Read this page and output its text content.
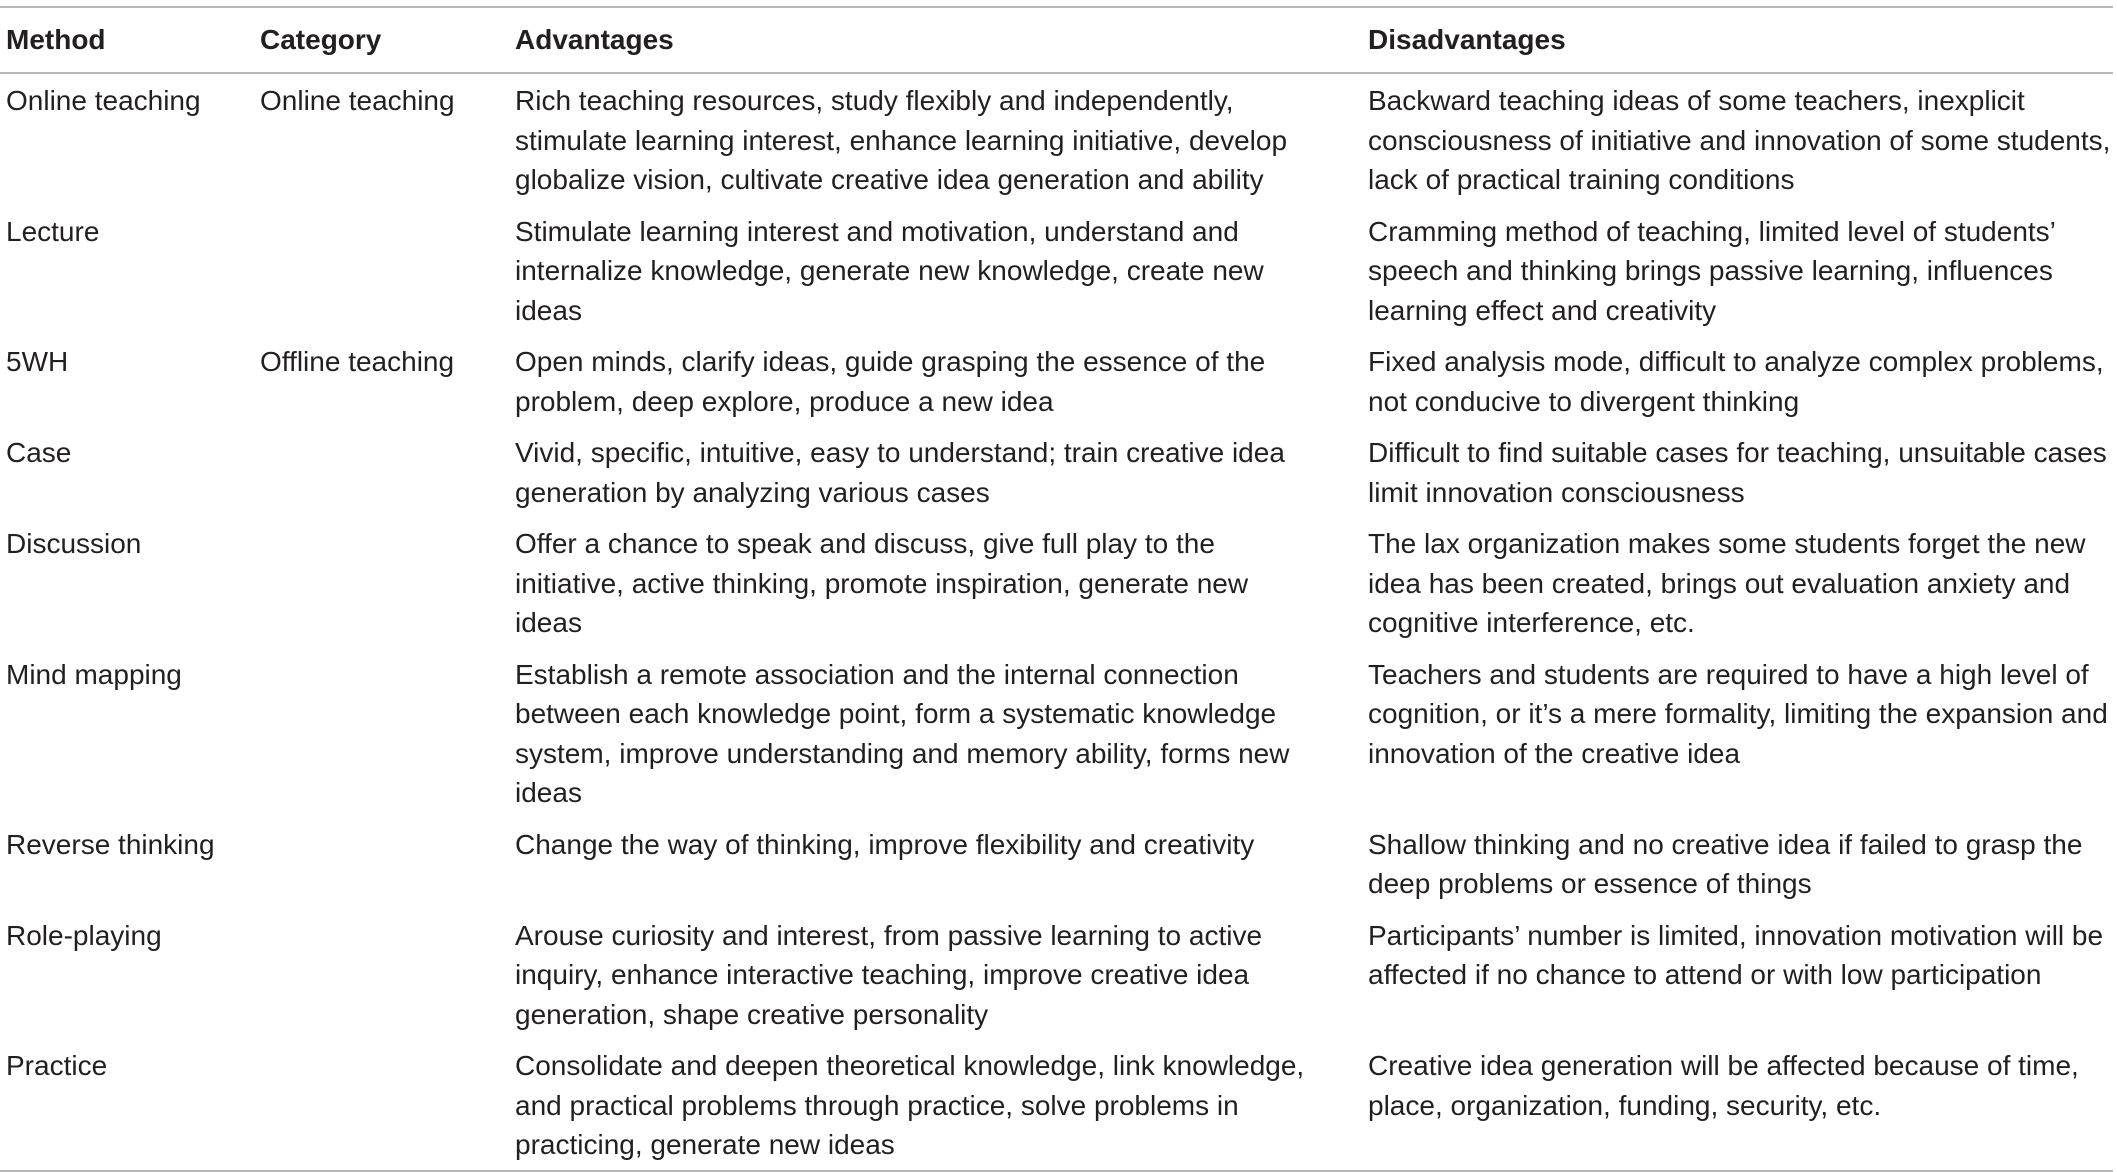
Method	Category	Advantages	Disadvantages
Online teaching	Online teaching	Rich teaching resources, study flexibly and independently, stimulate learning interest, enhance learning initiative, develop globalize vision, cultivate creative idea generation and ability	Backward teaching ideas of some teachers, inexplicit consciousness of initiative and innovation of some students, lack of practical training conditions
Lecture		Stimulate learning interest and motivation, understand and internalize knowledge, generate new knowledge, create new ideas	Cramming method of teaching, limited level of students’ speech and thinking brings passive learning, influences learning effect and creativity
5WH	Offline teaching	Open minds, clarify ideas, guide grasping the essence of the problem, deep explore, produce a new idea	Fixed analysis mode, difficult to analyze complex problems, not conducive to divergent thinking
Case		Vivid, specific, intuitive, easy to understand; train creative idea generation by analyzing various cases	Difficult to find suitable cases for teaching, unsuitable cases limit innovation consciousness
Discussion		Offer a chance to speak and discuss, give full play to the initiative, active thinking, promote inspiration, generate new ideas	The lax organization makes some students forget the new idea has been created, brings out evaluation anxiety and cognitive interference, etc.
Mind mapping		Establish a remote association and the internal connection between each knowledge point, form a systematic knowledge system, improve understanding and memory ability, forms new ideas	Teachers and students are required to have a high level of cognition, or it’s a mere formality, limiting the expansion and innovation of the creative idea
Reverse thinking		Change the way of thinking, improve flexibility and creativity	Shallow thinking and no creative idea if failed to grasp the deep problems or essence of things
Role-playing		Arouse curiosity and interest, from passive learning to active inquiry, enhance interactive teaching, improve creative idea generation, shape creative personality	Participants’ number is limited, innovation motivation will be affected if no chance to attend or with low participation
Practice		Consolidate and deepen theoretical knowledge, link knowledge, and practical problems through practice, solve problems in practicing, generate new ideas	Creative idea generation will be affected because of time, place, organization, funding, security, etc.
